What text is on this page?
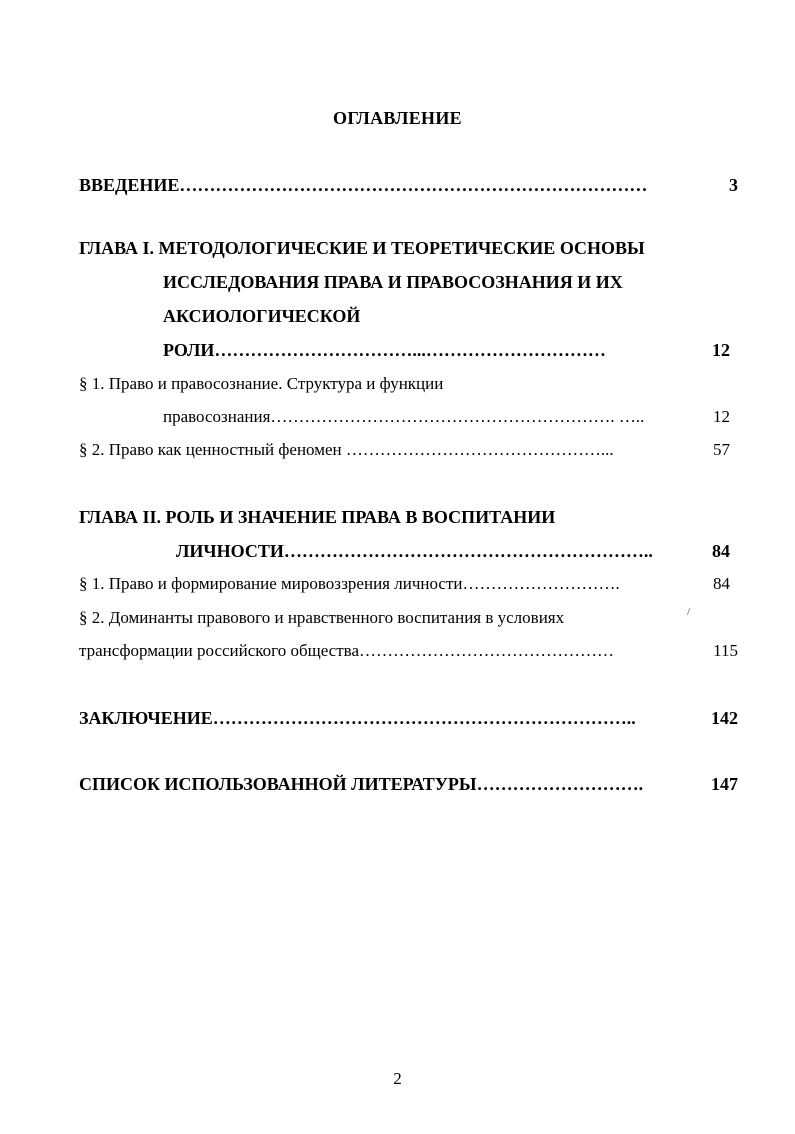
ОГЛАВЛЕНИЕ
ВВЕДЕНИЕ……………………………………………………………………	3
ГЛАВА I. МЕТОДОЛОГИЧЕСКИЕ И ТЕОРЕТИЧЕСКИЕ ОСНОВЫ
ИССЛЕДОВАНИЯ ПРАВА И ПРАВОСОЗНАНИЯ И ИХ
АКСИОЛОГИЧЕСКОЙ
РОЛИ……………………………...…………………………	12
§ 1. Право и правосознание. Структура и функции
правосознания……………………………………………………. …..	12
§ 2. Право как ценностный феномен ………………………………………...	57
ГЛАВА II. РОЛЬ И ЗНАЧЕНИЕ ПРАВА В ВОСПИТАНИИ
ЛИЧНОСТИ……………………………………………………..	84
§ 1. Право и формирование мировоззрения личности……………………….	84
§ 2. Доминанты правового и нравственного воспитания в условиях
трансформации российского общества………………………………………	115
ЗАКЛЮЧЕНИЕ……………………………………………………………..	142
СПИСОК ИСПОЛЬЗОВАННОЙ ЛИТЕРАТУРЫ……………………….	147
2
